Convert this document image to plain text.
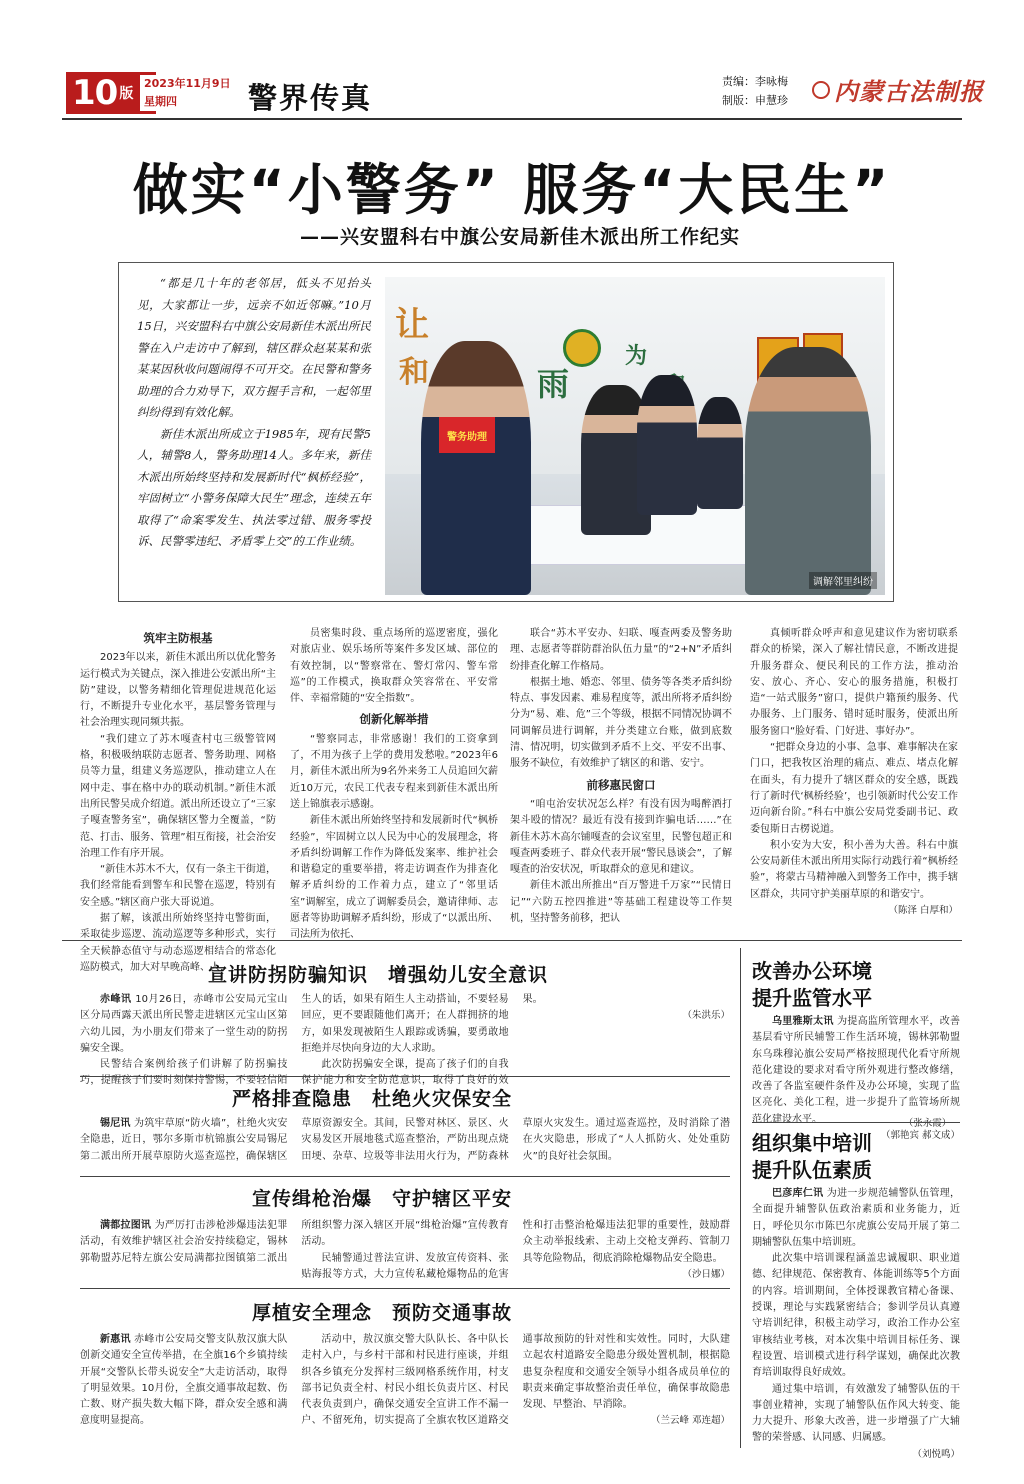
10 版
2023年11月9日
星期四	警界传真	责编：李咏梅
制版：申慧珍 内蒙古法制报
做实“小警务” 服务“大民生”
——兴安盟科右中旗公安局新佳木派出所工作纪实

“都是几十年的老邻居，低头不见抬头见，大家都让一步，远亲不如近邻嘛。”10月15日，兴安盟科右中旗公安局新佳木派出所民警在入户走访中了解到，辖区群众赵某某和张某某因秋收问题闹得不可开交。在民警和警务助理的合力劝导下，双方握手言和，一起邻里纠纷得到有效化解。

新佳木派出所成立于1985年，现有民警5人，辅警8人，警务助理14人。多年来，新佳木派出所始终坚持和发展新时代“枫桥经验”，牢固树立“小警务保障大民生”理念，连续五年取得了“命案零发生、执法零过错、服务零投诉、民警零违纪、矛盾零上交”的工作业绩。

让
和	雨
为
警务助理
调解邻里纠纷
筑牢主防根基

2023年以来，新佳木派出所以优化警务运行模式为关键点，深入推进公安派出所“主防”建设，以警务精细化管理促进规范化运行，不断提升专业化水平，基层警务管理与社会治理实现同频共振。

“我们建立了苏木嘎查村屯三级警管网格，积极吸纳联防志愿者、警务助理、网格员等力量，组建义务巡逻队，推动建立人在网中走、事在格中办的联动机制。”新佳木派出所民警吴成介绍道。派出所还设立了“三家子嘎查警务室”，确保辖区警力全覆盖，“防范、打击、服务、管理”相互衔接，社会治安治理工作有序开展。

“新佳木苏木不大，仅有一条主干街道，我们经常能看到警车和民警在巡逻，特别有安全感。”辖区商户张大哥说道。

据了解，该派出所始终坚持屯警街面，采取徒步巡逻、流动巡逻等多种形式，实行全天候静态值守与动态巡逻相结合的常态化巡防模式，加大对早晚高峰、人

员密集时段、重点场所的巡逻密度，强化对旅店业、娱乐场所等案件多发区域、部位的有效控制，以“警察常在、警灯常闪、警车常巡”的工作模式，换取群众笑容常在、平安常伴、幸福常随的“安全指数”。

创新化解举措

“警察同志，非常感谢！我们的工资拿到了，不用为孩子上学的费用发愁啦。”2023年6月，新佳木派出所为9名外来务工人员追回欠薪近10万元，农民工代表专程来到新佳木派出所送上锦旗表示感谢。

新佳木派出所始终坚持和发展新时代“枫桥经验”，牢固树立以人民为中心的发展理念，将矛盾纠纷调解工作作为降低发案率、维护社会和谐稳定的重要举措，将走访调查作为排查化解矛盾纠纷的工作着力点，建立了“邻里话室”调解室，成立了调解委员会，邀请律师、志愿者等协助调解矛盾纠纷，形成了“以派出所、司法所为依托、

联合“苏木平安办、妇联、嘎查两委及警务助理、志愿者等群防群治队伍力量”的“2+N”矛盾纠纷排查化解工作格局。

根据土地、婚恋、邻里、债务等各类矛盾纠纷特点、事发因素、难易程度等，派出所将矛盾纠纷分为“易、难、危”三个等级，根据不同情况协调不同调解员进行调解，并分类建立台账，做到底数清、情况明，切实做到矛盾不上交、平安不出事、服务不缺位，有效维护了辖区的和谐、安宁。

前移惠民窗口

“咱屯治安状况怎么样？有没有因为喝醉酒打架斗殴的情况？最近有没有接到诈骗电话……”在新佳木苏木高尔铺嘎查的会议室里，民警包超正和嘎查两委班子、群众代表开展“警民恳谈会”，了解嘎查的治安状况，听取群众的意见和建议。

新佳木派出所推出“百万警进千万家”“民情日记”“六防五控四推进”等基础工程建设等工作契机，坚持警务前移，把认

真倾听群众呼声和意见建议作为密切联系群众的桥梁，深入了解社情民意，不断改进提升服务群众、便民利民的工作方法，推动治安、放心、齐心、安心的服务措施，积极打造“一站式服务”窗口，提供户籍预约服务、代办服务、上门服务、错时延时服务，使派出所服务窗口“脸好看、门好进、事好办”。

“把群众身边的小事、急事、难事解决在家门口，把我牧区治理的痛点、难点、堵点化解在面头，有力提升了辖区群众的安全感，既践行了新时代‘枫桥经验’，也引领新时代公安工作迈向新台阶。”科右中旗公安局党委副书记、政委包斯日古楞说道。

积小安为大安，积小善为大善。科右中旗公安局新佳木派出所用实际行动践行着“枫桥经验”，将蒙古马精神融入到警务工作中，携手辖区群众，共同守护美丽草原的和谐安宁。

（陈泽 白厚和）
宣讲防拐防骗知识　增强幼儿安全意识

赤峰讯 10月26日，赤峰市公安局元宝山区分局西露天派出所民警走进辖区元宝山区第六幼儿园，为小朋友们带来了一堂生动的防拐骗安全课。

民警结合案例给孩子们讲解了防拐骗技巧，提醒孩子们要时刻保持警惕，不要轻信陌生人的话，如果有陌生人主动搭讪，不要轻易回应，更不要跟随他们离开；在人群拥挤的地方，如果发现被陌生人跟踪或诱骗，要勇敢地拒绝并尽快向身边的大人求助。

此次防拐骗安全课，提高了孩子们的自我保护能力和安全防范意识，取得了良好的效果。

（朱洪乐）
严格排查隐患　杜绝火灾保安全

锡尼讯 为筑牢草原“防火墙”，杜绝火灾安全隐患，近日，鄂尔多斯市杭锦旗公安局锡尼第二派出所开展草原防火巡查巡控，确保辖区草原资源安全。其间，民警对林区、景区、火灾易发区开展地毯式巡查整治，严防出现点烧田埂、杂草、垃圾等非法用火行为，严防森林草原火灾发生。通过巡查巡控，及时消除了潜在火灾隐患，形成了“人人抓防火、处处重防火”的良好社会氛围。

（张永霞）
宣传缉枪治爆　守护辖区平安

满都拉图讯 为严厉打击涉枪涉爆违法犯罪活动，有效维护辖区社会治安持续稳定，锡林郭勒盟苏尼特左旗公安局满都拉图镇第二派出所组织警力深入辖区开展“缉枪治爆”宣传教育活动。

民辅警通过普法宣讲、发放宣传资料、张贴海报等方式，大力宣传私藏枪爆物品的危害性和打击整治枪爆违法犯罪的重要性，鼓励群众主动举报线索、主动上交枪支弹药、管制刀具等危险物品，彻底消除枪爆物品安全隐患。

（沙日娜）
厚植安全理念　预防交通事故

新惠讯 赤峰市公安局交警支队敖汉旗大队创新交通安全宣传举措，在全旗16个乡镇持续开展“交警队长带头说安全”大走访活动，取得了明显效果。10月份，全旗交通事故起数、伤亡数、财产损失数大幅下降，群众安全感和满意度明显提高。

活动中，敖汉旗交警大队队长、各中队长走村入户，与乡村干部和村民进行座谈，并组织各乡镇充分发挥村三级网格系统作用，村支部书记负责全村、村民小组长负责片区、村民代表负责到户，确保交通安全宣讲工作不漏一户、不留死角，切实提高了全旗农牧区道路交通事故预防的针对性和实效性。同时，大队建立起农村道路安全隐患分级处置机制，根据隐患复杂程度和交通安全领导小组各成员单位的职责来确定事故整治责任单位，确保事故隐患发现、早整治、早消除。

（兰云峰 邓连超）
改善办公环境
提升监管水平

乌里雅斯太讯 为提高监所管理水平，改善基层看守所民辅警工作生活环境，锡林郭勒盟东乌珠穆沁旗公安局严格按照现代化看守所规范化建设的要求对看守所外观进行整改修缮，改善了各监室硬件条件及办公环境，实现了监区亮化、美化工程，进一步提升了监管场所规范化建设水平。

（郭艳宾 郝文成）
组织集中培训
提升队伍素质

巴彦库仁讯 为进一步规范辅警队伍管理，全面提升辅警队伍政治素质和业务能力，近日，呼伦贝尔市陈巴尔虎旗公安局开展了第二期辅警队伍集中培训班。

此次集中培训课程涵盖忠诚履职、职业道德、纪律规范、保密教育、体能训练等5个方面的内容。培训期间，全体授课教官精心备课、授课，理论与实践紧密结合；参训学员认真遵守培训纪律，积极主动学习，政治工作办公室审核结业考核，对本次集中培训目标任务、课程设置、培训模式进行科学谋划，确保此次教育培训取得良好成效。

通过集中培训，有效激发了辅警队伍的干事创业精神，实现了辅警队伍作风大转变、能力大提升、形象大改善，进一步增强了广大辅警的荣誉感、认同感、归属感。

（刘悦鸣）
